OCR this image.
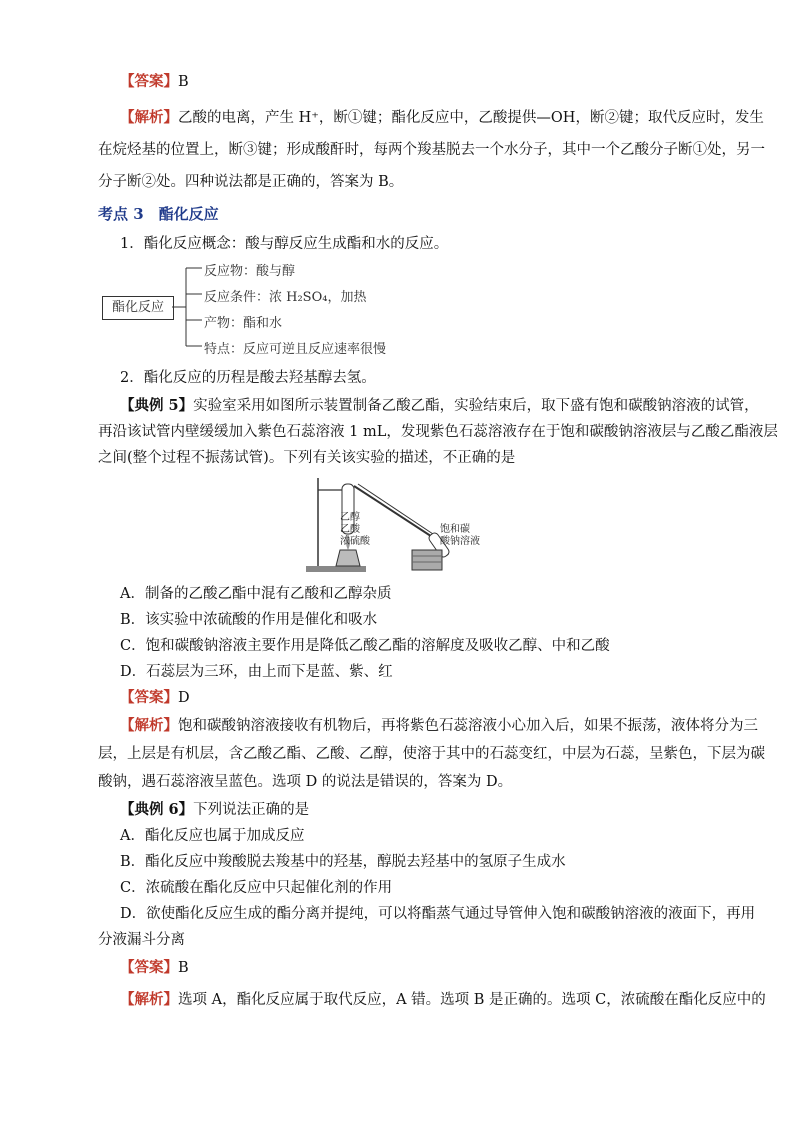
【答案】B
【解析】乙酸的电离，产生 H⁺，断①键；酯化反应中，乙酸提供—OH，断②键；取代反应时，发生
在烷烃基的位置上，断③键；形成酸酐时，每两个羧基脱去一个水分子，其中一个乙酸分子断①处，另一
分子断②处。四种说法都是正确的，答案为 B。
考点 3　酯化反应
1．酯化反应概念：酸与醇反应生成酯和水的反应。
酯化反应
反应物：酸与醇
反应条件：浓 H₂SO₄，加热
产物：酯和水
特点：反应可逆且反应速率很慢
2．酯化反应的历程是酸去羟基醇去氢。
【典例 5】实验室采用如图所示装置制备乙酸乙酯，实验结束后，取下盛有饱和碳酸钠溶液的试管，
再沿该试管内壁缓缓加入紫色石蕊溶液 1 mL，发现紫色石蕊溶液存在于饱和碳酸钠溶液层与乙酸乙酯液层
之间(整个过程不振荡试管)。下列有关该实验的描述，不正确的是
乙醇
乙酸
浓硫酸
饱和碳
酸钠溶液
A．制备的乙酸乙酯中混有乙酸和乙醇杂质
B．该实验中浓硫酸的作用是催化和吸水
C．饱和碳酸钠溶液主要作用是降低乙酸乙酯的溶解度及吸收乙醇、中和乙酸
D．石蕊层为三环，由上而下是蓝、紫、红
【答案】D
【解析】饱和碳酸钠溶液接收有机物后，再将紫色石蕊溶液小心加入后，如果不振荡，液体将分为三
层，上层是有机层，含乙酸乙酯、乙酸、乙醇，使溶于其中的石蕊变红，中层为石蕊，呈紫色，下层为碳
酸钠，遇石蕊溶液呈蓝色。选项 D 的说法是错误的，答案为 D。
【典例 6】下列说法正确的是
A．酯化反应也属于加成反应
B．酯化反应中羧酸脱去羧基中的羟基，醇脱去羟基中的氢原子生成水
C．浓硫酸在酯化反应中只起催化剂的作用
D．欲使酯化反应生成的酯分离并提纯，可以将酯蒸气通过导管伸入饱和碳酸钠溶液的液面下，再用
分液漏斗分离
【答案】B
【解析】选项 A，酯化反应属于取代反应，A 错。选项 B 是正确的。选项 C，浓硫酸在酯化反应中的
